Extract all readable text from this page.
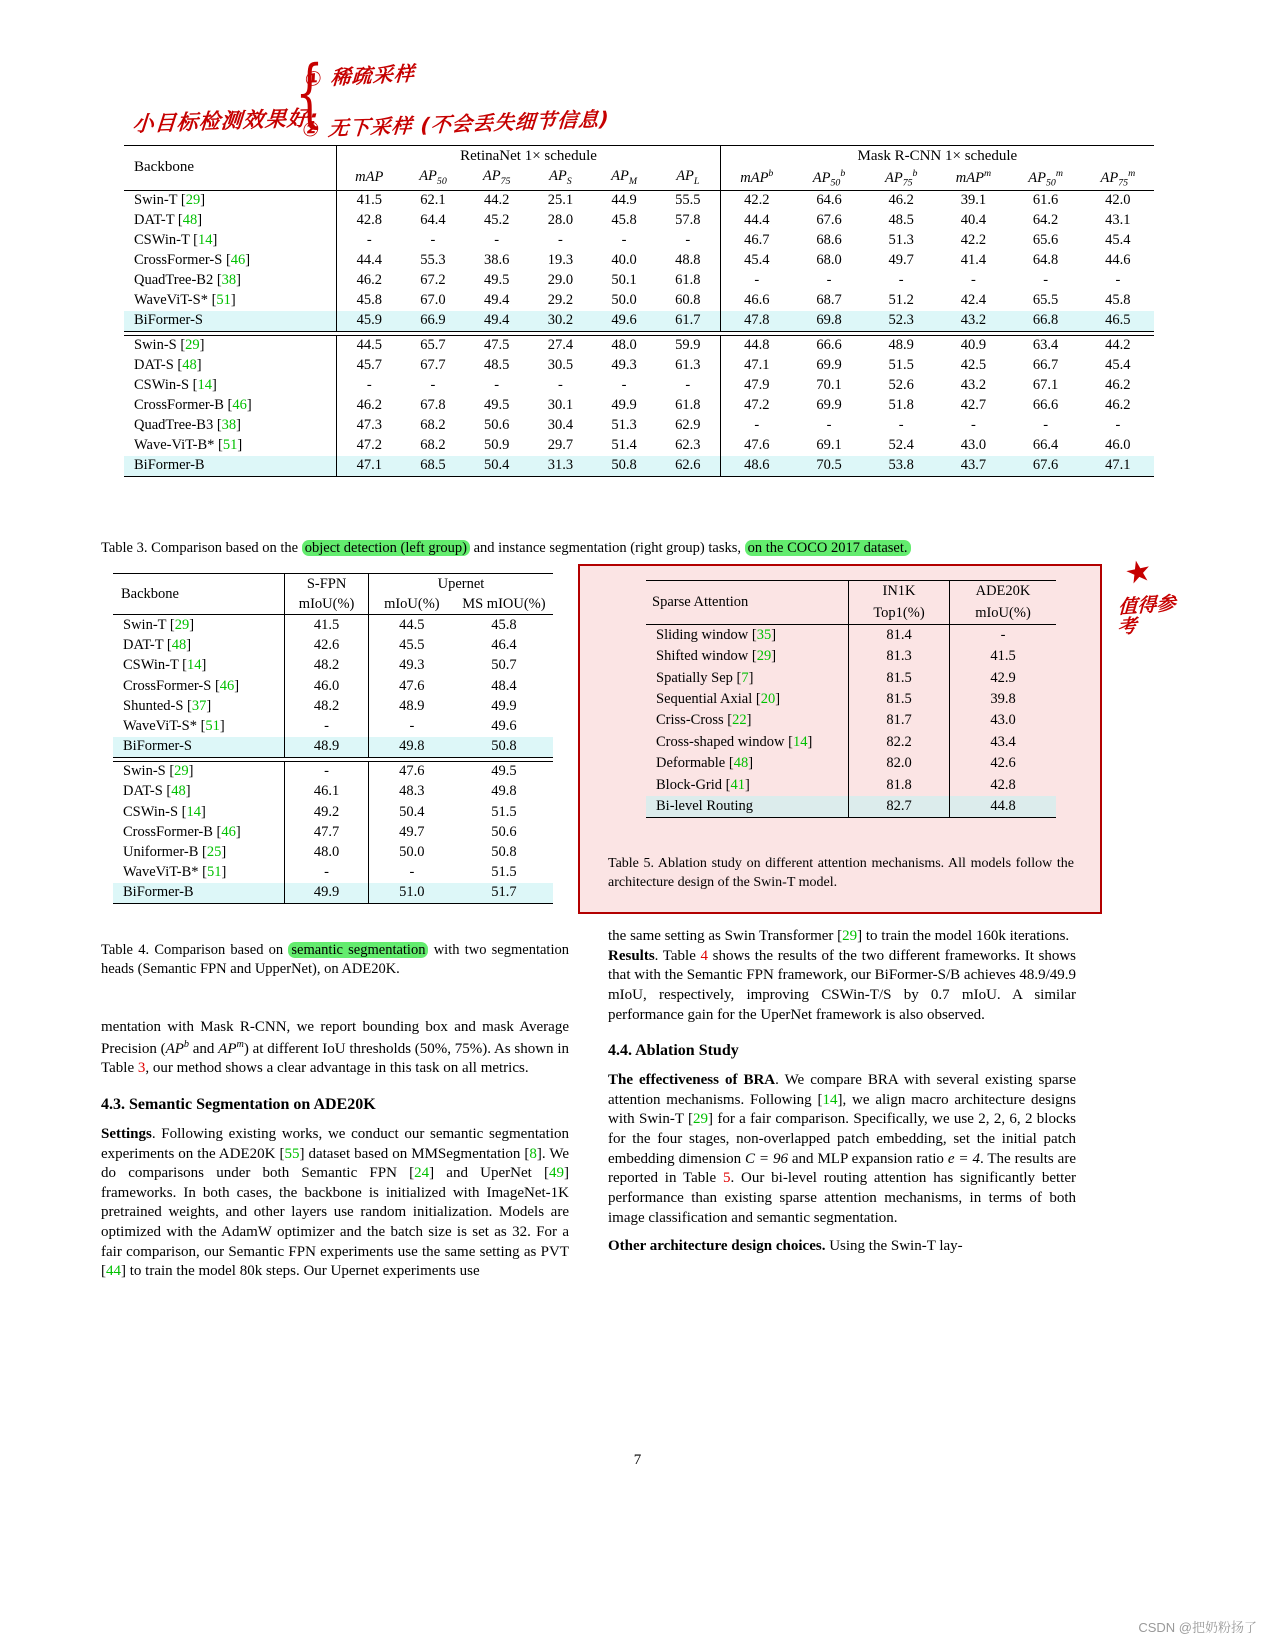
{
小目标检测效果好:
① 稀疏采样
② 无下采样 (不会丢失细节信息)
★
值得参考
Backbone	RetinaNet 1× schedule						Mask R-CNN 1× schedule					
	mAP	$AP_{50}$	$AP_{75}$	$AP_S$	$AP_M$	$AP_L$	mAP$^b$	$AP_{50}^b$	$AP_{75}^b$	mAP$^m$	$AP_{50}^m$	$AP_{75}^m$
Swin-T [29]	41.5	62.1	44.2	25.1	44.9	55.5	42.2	64.6	46.2	39.1	61.6	42.0
DAT-T [48]	42.8	64.4	45.2	28.0	45.8	57.8	44.4	67.6	48.5	40.4	64.2	43.1
CSWin-T [14]	-	-	-	-	-	-	46.7	68.6	51.3	42.2	65.6	45.4
CrossFormer-S [46]	44.4	55.3	38.6	19.3	40.0	48.8	45.4	68.0	49.7	41.4	64.8	44.6
QuadTree-B2 [38]	46.2	67.2	49.5	29.0	50.1	61.8	-	-	-	-	-	-
WaveViT-S* [51]	45.8	67.0	49.4	29.2	50.0	60.8	46.6	68.7	51.2	42.4	65.5	45.8
BiFormer-S	45.9	66.9	49.4	30.2	49.6	61.7	47.8	69.8	52.3	43.2	66.8	46.5

Swin-S [29]	44.5	65.7	47.5	27.4	48.0	59.9	44.8	66.6	48.9	40.9	63.4	44.2
DAT-S [48]	45.7	67.7	48.5	30.5	49.3	61.3	47.1	69.9	51.5	42.5	66.7	45.4
CSWin-S [14]	-	-	-	-	-	-	47.9	70.1	52.6	43.2	67.1	46.2
CrossFormer-B [46]	46.2	67.8	49.5	30.1	49.9	61.8	47.2	69.9	51.8	42.7	66.6	46.2
QuadTree-B3 [38]	47.3	68.2	50.6	30.4	51.3	62.9	-	-	-	-	-	-
Wave-ViT-B* [51]	47.2	68.2	50.9	29.7	51.4	62.3	47.6	69.1	52.4	43.0	66.4	46.0
BiFormer-B	47.1	68.5	50.4	31.3	50.8	62.6	48.6	70.5	53.8	43.7	67.6	47.1

Table 3. Comparison based on the object detection (left group) and instance segmentation (right group) tasks, on the COCO 2017 dataset.
Backbone	S-FPN	Upernet	
	mIoU(%)	mIoU(%)	MS mIOU(%)
Swin-T [29]	41.5	44.5	45.8
DAT-T [48]	42.6	45.5	46.4
CSWin-T [14]	48.2	49.3	50.7
CrossFormer-S [46]	46.0	47.6	48.4
Shunted-S [37]	48.2	48.9	49.9
WaveViT-S* [51]	-	-	49.6
BiFormer-S	48.9	49.8	50.8

Swin-S [29]	-	47.6	49.5
DAT-S [48]	46.1	48.3	49.8
CSWin-S [14]	49.2	50.4	51.5
CrossFormer-B [46]	47.7	49.7	50.6
Uniformer-B [25]	48.0	50.0	50.8
WaveViT-B* [51]	-	-	51.5
BiFormer-B	49.9	51.0	51.7

Table 4. Comparison based on semantic segmentation with two segmentation heads (Semantic FPN and UpperNet), on ADE20K.
Sparse Attention	IN1K	ADE20K
	Top1(%)	mIoU(%)
Sliding window [35]	81.4	-
Shifted window [29]	81.3	41.5
Spatially Sep [7]	81.5	42.9
Sequential Axial [20]	81.5	39.8
Criss-Cross [22]	81.7	43.0
Cross-shaped window [14]	82.2	43.4
Deformable [48]	82.0	42.6
Block-Grid [41]	81.8	42.8
Bi-level Routing	82.7	44.8

Table 5. Ablation study on different attention mechanisms. All models follow the architecture design of the Swin-T model.

mentation with Mask R-CNN, we report bounding box and mask Average Precision ($AP^b$ and $AP^m$) at different IoU thresholds (50%, 75%). As shown in Table 3, our method shows a clear advantage in this task on all metrics.

4.3. Semantic Segmentation on ADE20K

Settings. Following existing works, we conduct our semantic segmentation experiments on the ADE20K [55] dataset based on MMSegmentation [8]. We do comparisons under both Semantic FPN [24] and UperNet [49] frameworks. In both cases, the backbone is initialized with ImageNet-1K pretrained weights, and other layers use random initialization. Models are optimized with the AdamW optimizer and the batch size is set as 32. For a fair comparison, our Semantic FPN experiments use the same setting as PVT [44] to train the model 80k steps. Our Upernet experiments use

the same setting as Swin Transformer [29] to train the model 160k iterations.

Results. Table 4 shows the results of the two different frameworks. It shows that with the Semantic FPN framework, our BiFormer-S/B achieves 48.9/49.9 mIoU, respectively, improving CSWin-T/S by 0.7 mIoU. A similar performance gain for the UperNet framework is also observed.

4.4. Ablation Study

The effectiveness of BRA. We compare BRA with several existing sparse attention mechanisms. Following [14], we align macro architecture designs with Swin-T [29] for a fair comparison. Specifically, we use 2, 2, 6, 2 blocks for the four stages, non-overlapped patch embedding, set the initial patch embedding dimension C = 96 and MLP expansion ratio e = 4. The results are reported in Table 5. Our bi-level routing attention has significantly better performance than existing sparse attention mechanisms, in terms of both image classification and semantic segmentation.

Other architecture design choices. Using the Swin-T lay-

7
CSDN @把奶粉扬了
